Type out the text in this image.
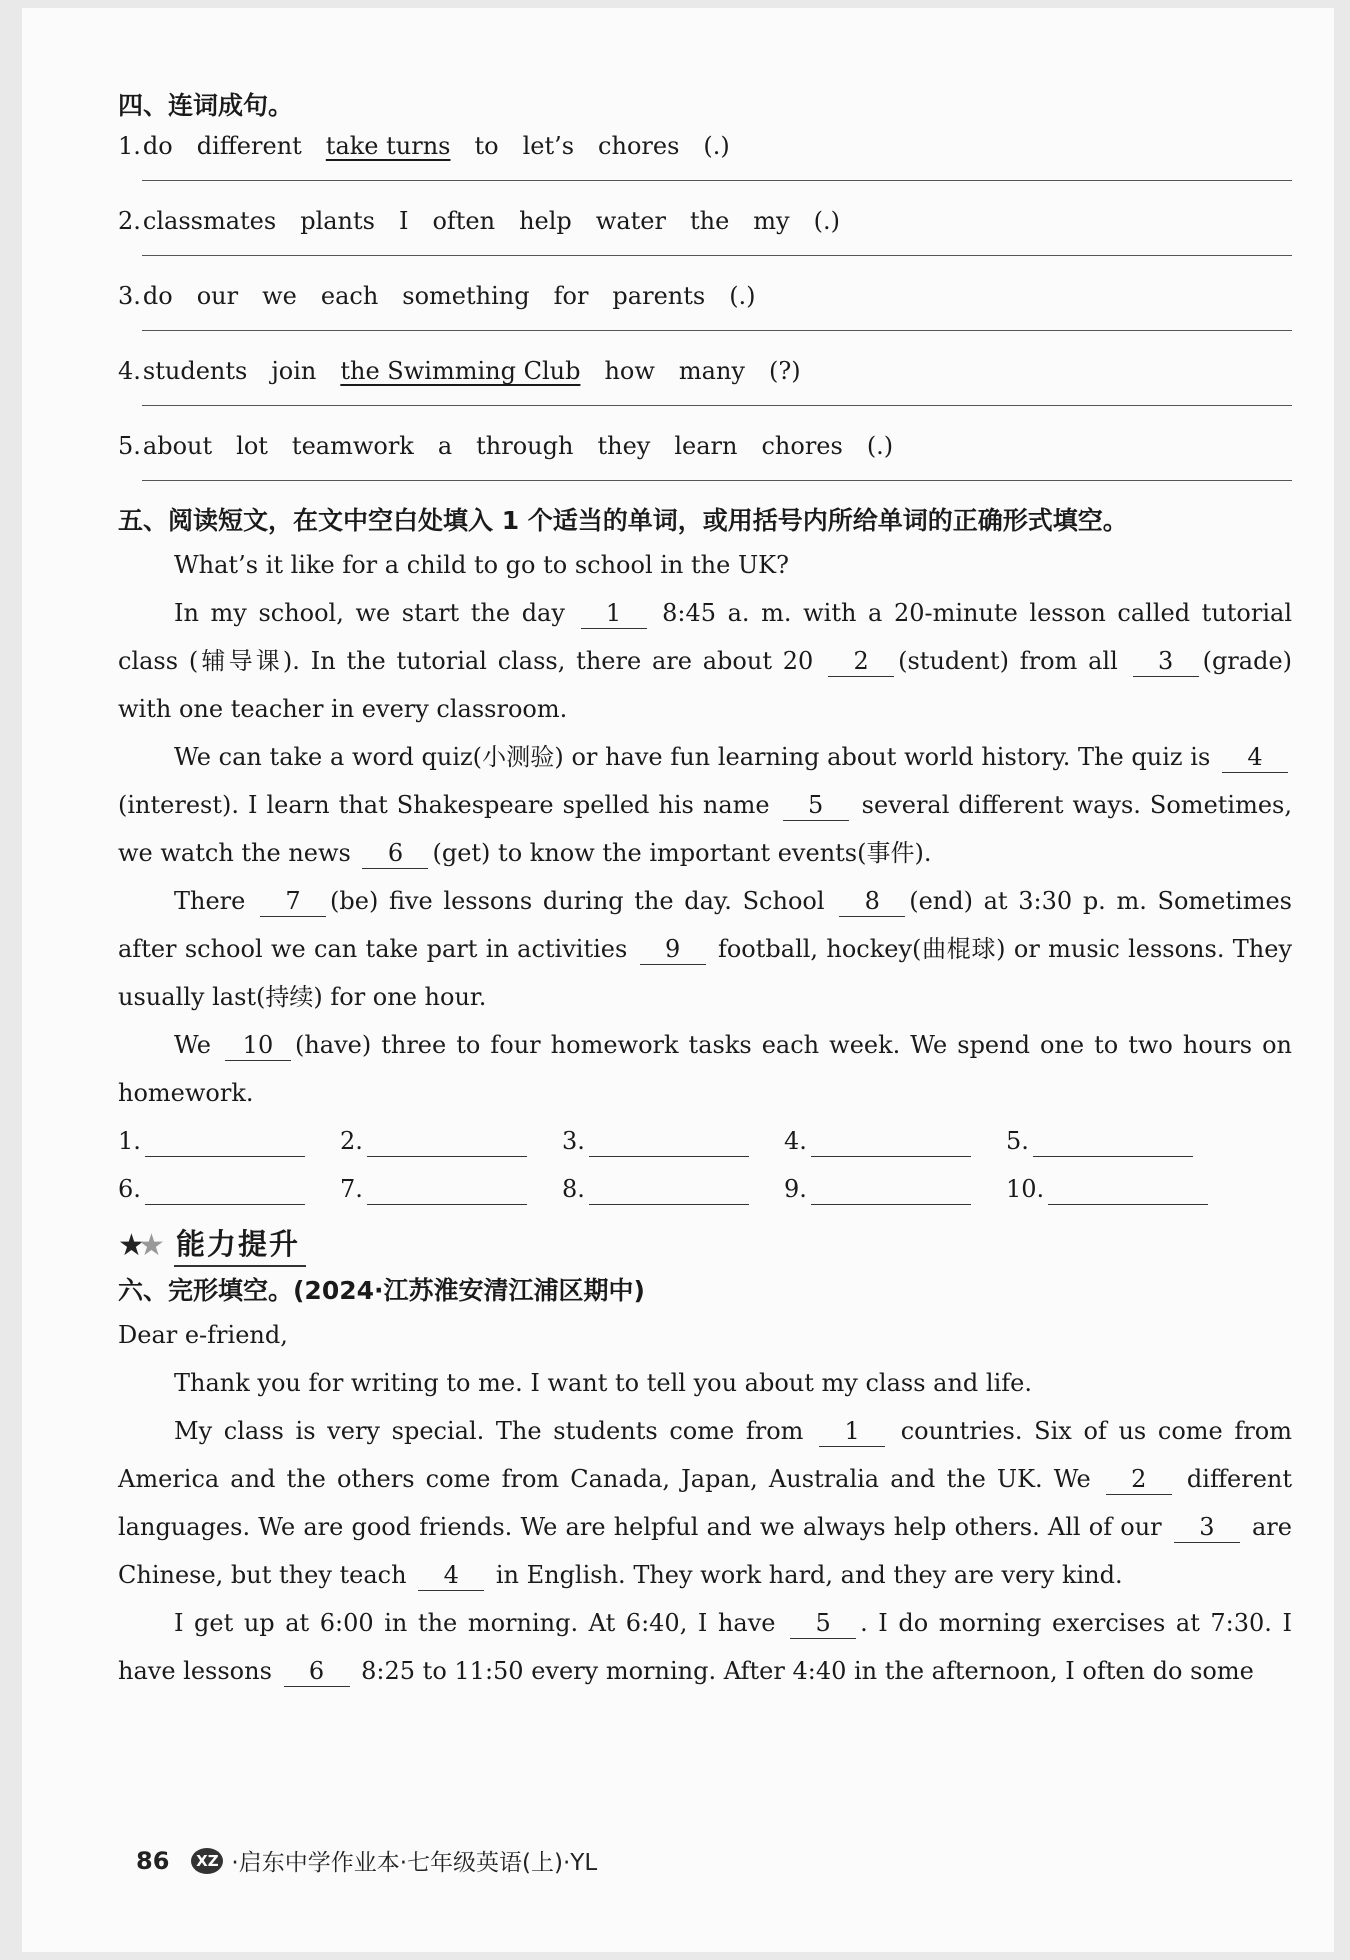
四、连词成句。
1.do different take turns to let’s chores (.)
2.classmates plants I often help water the my (.)
3.do our we each something for parents (.)
4.students join the Swimming Club how many (?)
5.about lot teamwork a through they learn chores (.)
五、阅读短文，在文中空白处填入 1 个适当的单词，或用括号内所给单词的正确形式填空。

What’s it like for a child to go to school in the UK?

In my school, we start the day 1 8:45 a. m. with a 20-minute lesson called tutorial class (辅导课). In the tutorial class, there are about 20 2 (student) from all 3 (grade) with one teacher in every classroom.

We can take a word quiz(小测验) or have fun learning about world history. The quiz is 4(interest). I learn that Shakespeare spelled his name 5 several different ways. Sometimes, we watch the news 6 (get) to know the important events(事件).

There 7 (be) five lessons during the day. School 8 (end) at 3:30 p. m. Sometimes after school we can take part in activities 9 football, hockey(曲棍球) or music lessons. They usually last(持续) for one hour.

We 10 (have) three to four homework tasks each week. We spend one to two hours on homework.

1.	2.	3.	4.	5.
6.	7.	8.	9.	10.
★
★ 能力提升
六、完形填空。(2024·江苏淮安清江浦区期中)

Dear e-friend,

Thank you for writing to me. I want to tell you about my class and life.

My class is very special. The students come from 1 countries. Six of us come from America and the others come from Canada, Japan, Australia and the UK. We 2 different languages. We are good friends. We are helpful and we always help others. All of our 3 are Chinese, but they teach 4 in English. They work hard, and they are very kind.

I get up at 6:00 in the morning. At 6:40, I have 5 . I do morning exercises at 7:30. I have lessons 6 8:25 to 11:50 every morning. After 4:40 in the afternoon, I often do some

86	XZ ·启东中学作业本·七年级英语(上)·YL
